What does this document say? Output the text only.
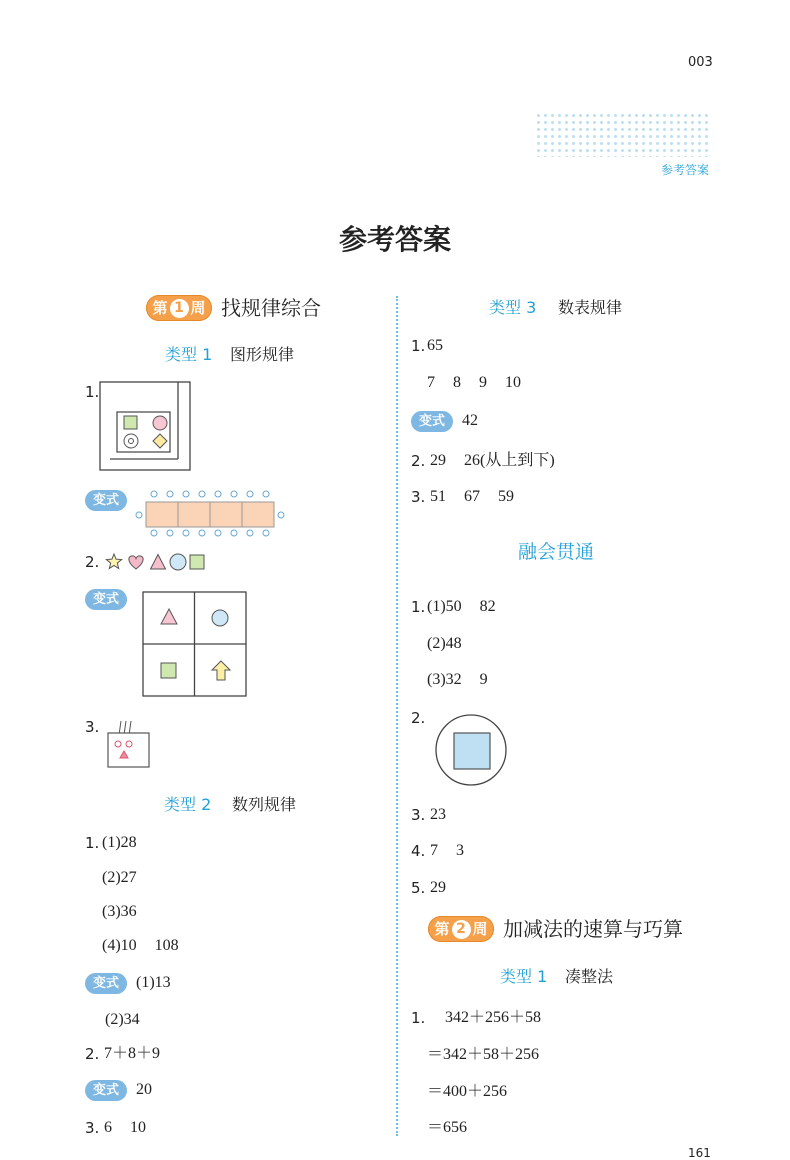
003
参考答案
参考答案
第 1 周 找规律综合
类型 1 图形规律
1.
变式
2.
变式
3.
类型 2 数列规律
1. (1)28
(2)27
(3)36
(4)10   108
变式	(1)13
(2)34
2. 7＋8＋9
变式	20
3. 6   10
类型 3 数表规律
1. 65
7   8   9   10
变式	42
2. 29   26(从上到下)
3. 51   67   59
融会贯通
1. (1)50   82
(2)48
(3)32   9
2.
3. 23
4. 7   3
5. 29
第 2 周 加减法的速算与巧算
类型 1 凑整法
1. 342＋256＋58
＝342＋58＋256
＝400＋256
＝656
161
